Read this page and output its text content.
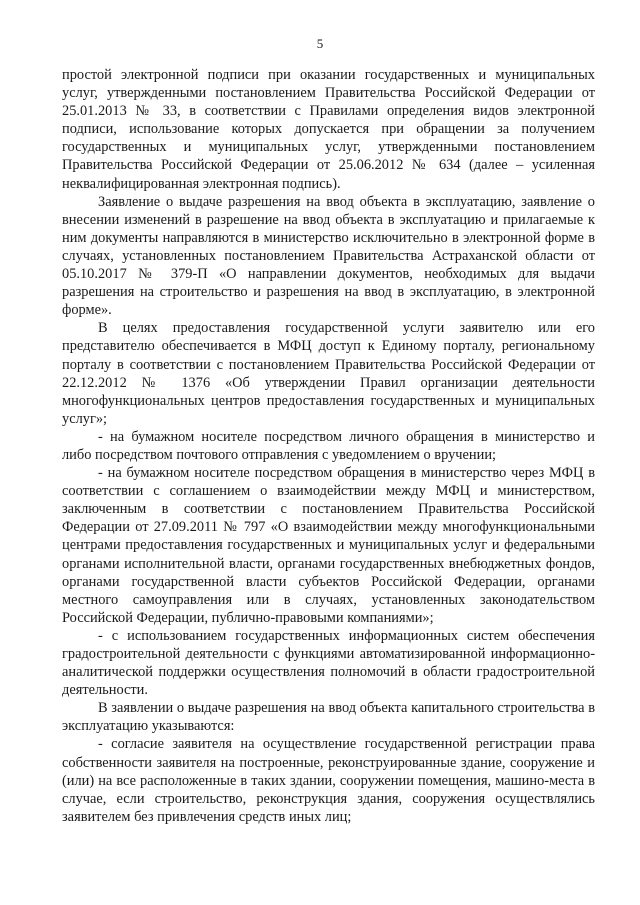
5

простой электронной подписи при оказании государственных и муниципальных услуг, утвержденными постановлением Правительства Российской Федерации от 25.01.2013 № 33, в соответствии с Правилами определения видов электронной подписи, использование которых допускается при обращении за получением государственных и муниципальных услуг, утвержденными постановлением Правительства Российской Федерации от 25.06.2012 № 634 (далее – усиленная неквалифицированная электронная подпись).

Заявление о выдаче разрешения на ввод объекта в эксплуатацию, заявление о внесении изменений в разрешение на ввод объекта в эксплуатацию и прилагаемые к ним документы направляются в министерство исключительно в электронной форме в случаях, установленных постановлением Правительства Астраханской области от 05.10.2017 № 379-П «О направлении документов, необходимых для выдачи разрешения на строительство и разрешения на ввод в эксплуатацию, в электронной форме».

В целях предоставления государственной услуги заявителю или его представителю обеспечивается в МФЦ доступ к Единому порталу, региональному порталу в соответствии с постановлением Правительства Российской Федерации от 22.12.2012 № 1376 «Об утверждении Правил организации деятельности многофункциональных центров предоставления государственных и муниципальных услуг»;

- на бумажном носителе посредством личного обращения в министерство и либо посредством почтового отправления с уведомлением о вручении;

- на бумажном носителе посредством обращения в министерство через МФЦ в соответствии с соглашением о взаимодействии между МФЦ и министерством, заключенным в соответствии с постановлением Правительства Российской Федерации от 27.09.2011 № 797 «О взаимодействии между многофункциональными центрами предоставления государственных и муниципальных услуг и федеральными органами исполнительной власти, органами государственных внебюджетных фондов, органами государственной власти субъектов Российской Федерации, органами местного самоуправления или в случаях, установленных законодательством Российской Федерации, публично-правовыми компаниями»;

- с использованием государственных информационных систем обеспечения градостроительной деятельности с функциями автоматизированной информационно-аналитической поддержки осуществления полномочий в области градостроительной деятельности.

В заявлении о выдаче разрешения на ввод объекта капитального строительства в эксплуатацию указываются:

- согласие заявителя на осуществление государственной регистрации права собственности заявителя на построенные, реконструированные здание, сооружение и (или) на все расположенные в таких здании, сооружении помещения, машино-места в случае, если строительство, реконструкция здания, сооружения осуществлялись заявителем без привлечения средств иных лиц;
